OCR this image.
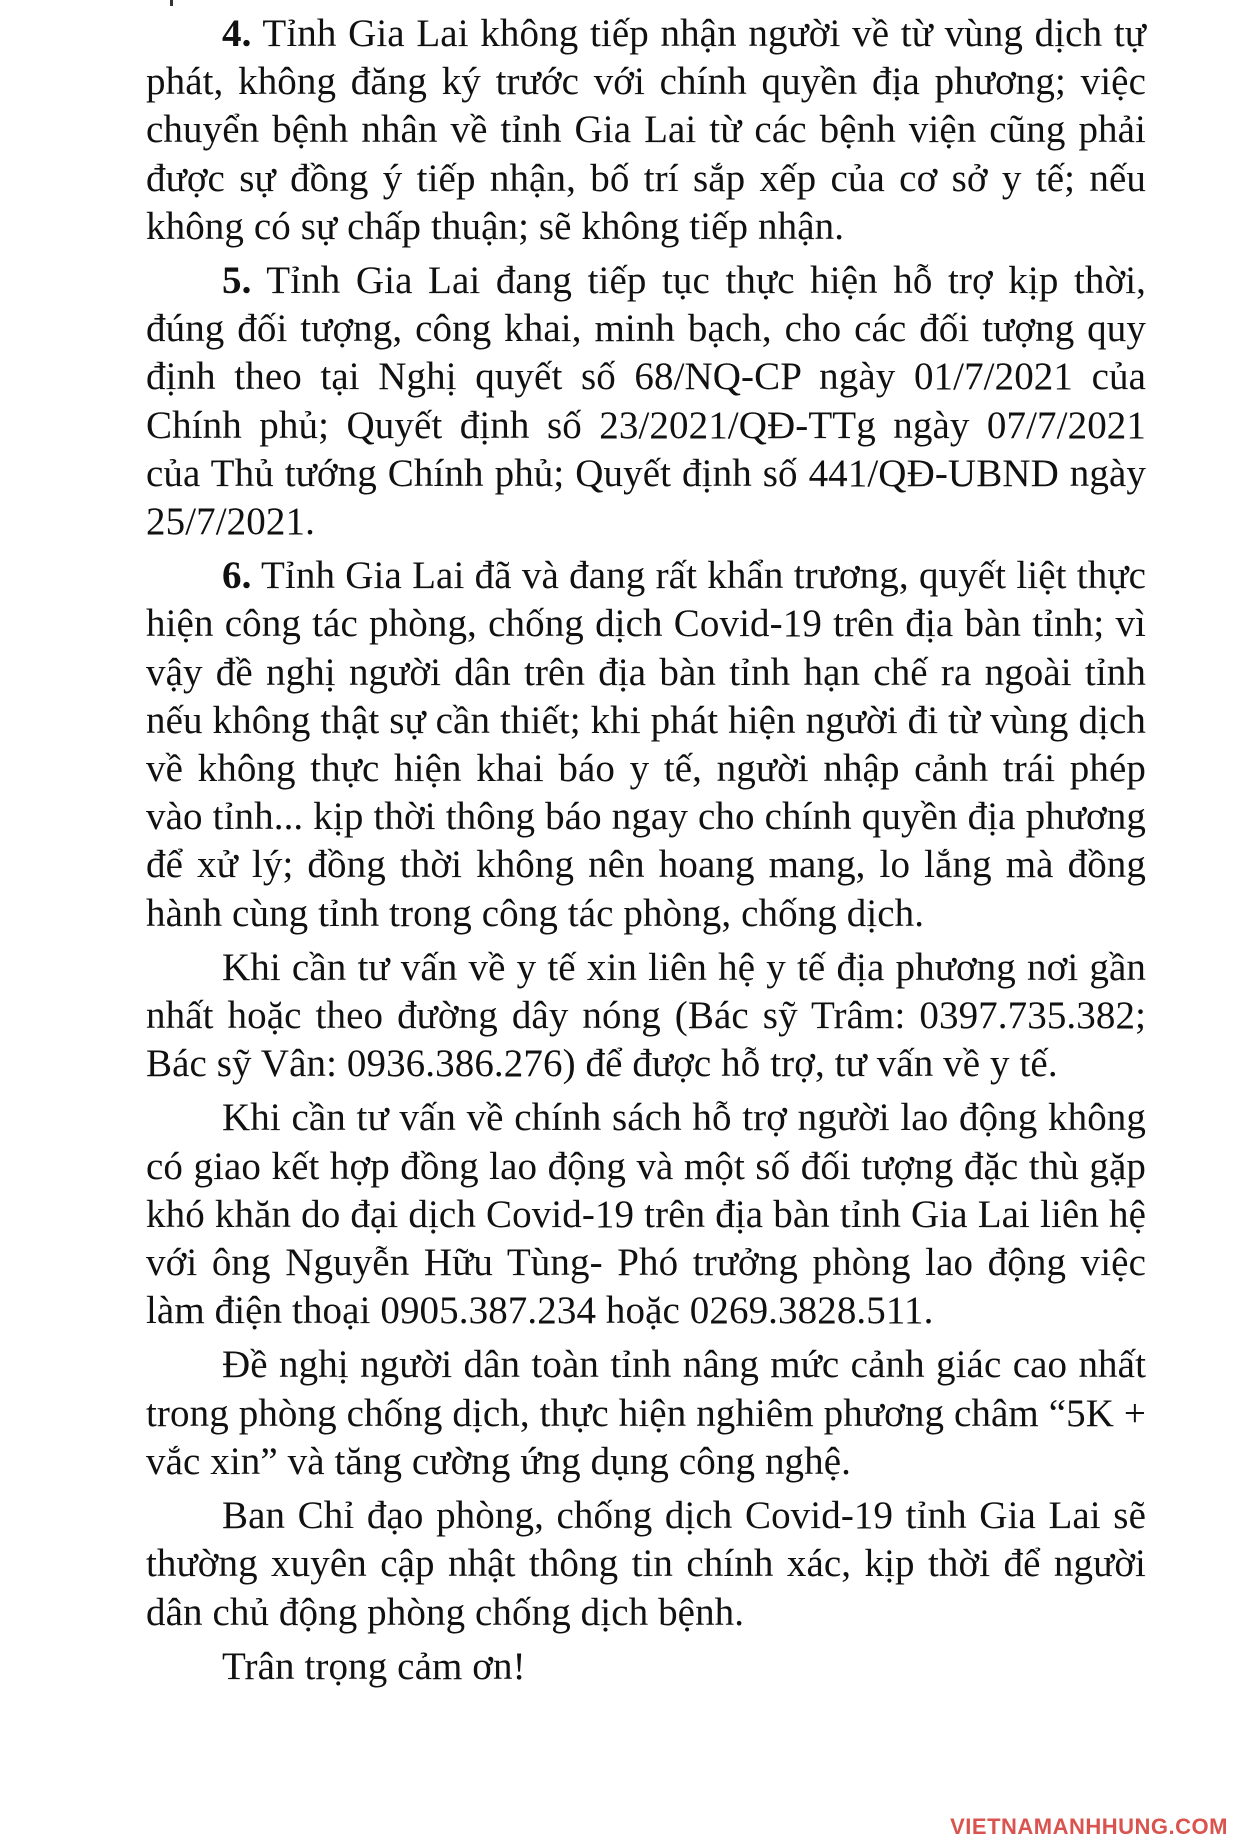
4. Tỉnh Gia Lai không tiếp nhận người về từ vùng dịch tự phát, không đăng ký trước với chính quyền địa phương; việc chuyển bệnh nhân về tỉnh Gia Lai từ các bệnh viện cũng phải được sự đồng ý tiếp nhận, bố trí sắp xếp của cơ sở y tế; nếu không có sự chấp thuận; sẽ không tiếp nhận.

5. Tỉnh Gia Lai đang tiếp tục thực hiện hỗ trợ kịp thời, đúng đối tượng, công khai, minh bạch, cho các đối tượng quy định theo tại Nghị quyết số 68/NQ-CP ngày 01/7/2021 của Chính phủ; Quyết định số 23/2021/QĐ-TTg ngày 07/7/2021 của Thủ tướng Chính phủ; Quyết định số 441/QĐ-UBND ngày 25/7/2021.

6. Tỉnh Gia Lai đã và đang rất khẩn trương, quyết liệt thực hiện công tác phòng, chống dịch Covid-19 trên địa bàn tỉnh; vì vậy đề nghị người dân trên địa bàn tỉnh hạn chế ra ngoài tỉnh nếu không thật sự cần thiết; khi phát hiện người đi từ vùng dịch về không thực hiện khai báo y tế, người nhập cảnh trái phép vào tỉnh... kịp thời thông báo ngay cho chính quyền địa phương để xử lý; đồng thời không nên hoang mang, lo lắng mà đồng hành cùng tỉnh trong công tác phòng, chống dịch.

Khi cần tư vấn về y tế xin liên hệ y tế địa phương nơi gần nhất hoặc theo đường dây nóng (Bác sỹ Trâm: 0397.735.382; Bác sỹ Vân: 0936.386.276) để được hỗ trợ, tư vấn về y tế.

Khi cần tư vấn về chính sách hỗ trợ người lao động không có giao kết hợp đồng lao động và một số đối tượng đặc thù gặp khó khăn do đại dịch Covid-19 trên địa bàn tỉnh Gia Lai liên hệ với ông Nguyễn Hữu Tùng- Phó trưởng phòng lao động việc làm điện thoại 0905.387.234 hoặc 0269.3828.511.

Đề nghị người dân toàn tỉnh nâng mức cảnh giác cao nhất trong phòng chống dịch, thực hiện nghiêm phương châm “5K + vắc xin” và tăng cường ứng dụng công nghệ.

Ban Chỉ đạo phòng, chống dịch Covid-19 tỉnh Gia Lai sẽ thường xuyên cập nhật thông tin chính xác, kịp thời để người dân chủ động phòng chống dịch bệnh.

Trân trọng cảm ơn!

VIETNAMANHHUNG.COM
